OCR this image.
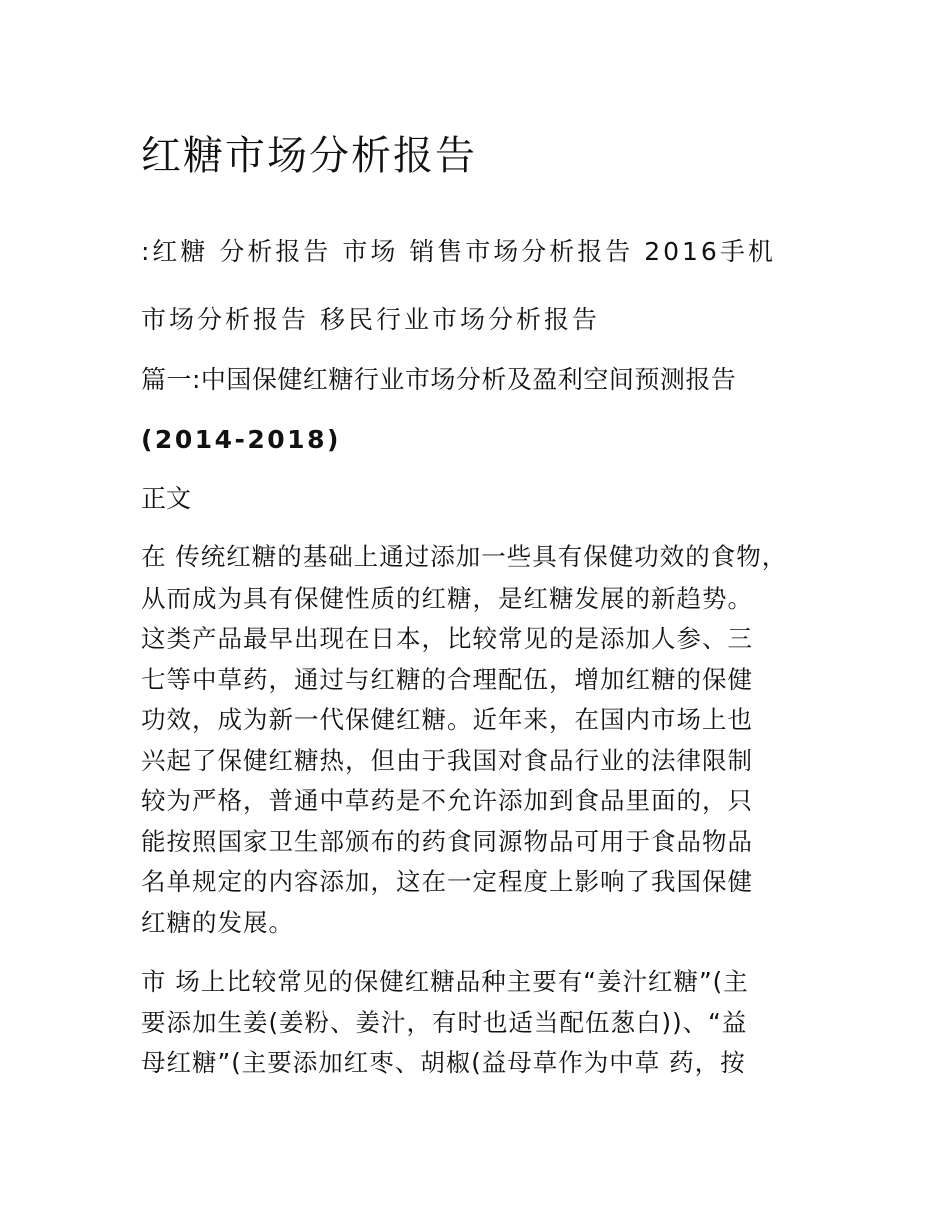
红糖市场分析报告

:红糖 分析报告 市场 销售市场分析报告 2016手机

市场分析报告 移民行业市场分析报告

篇一:中国保健红糖行业市场分析及盈利空间预测报告

(2014-2018)

正文

在 传统红糖的基础上通过添加一些具有保健功效的食物，

从而成为具有保健性质的红糖，是红糖发展的新趋势。

这类产品最早出现在日本，比较常见的是添加人参、三

七等中草药，通过与红糖的合理配伍，增加红糖的保健

功效，成为新一代保健红糖。近年来，在国内市场上也

兴起了保健红糖热，但由于我国对食品行业的法律限制

较为严格，普通中草药是不允许添加到食品里面的，只

能按照国家卫生部颁布的药食同源物品可用于食品物品

名单规定的内容添加，这在一定程度上影响了我国保健

红糖的发展。

市 场上比较常见的保健红糖品种主要有“姜汁红糖”(主

要添加生姜(姜粉、姜汁，有时也适当配伍葱白))、“益

母红糖”(主要添加红枣、胡椒(益母草作为中草 药，按
